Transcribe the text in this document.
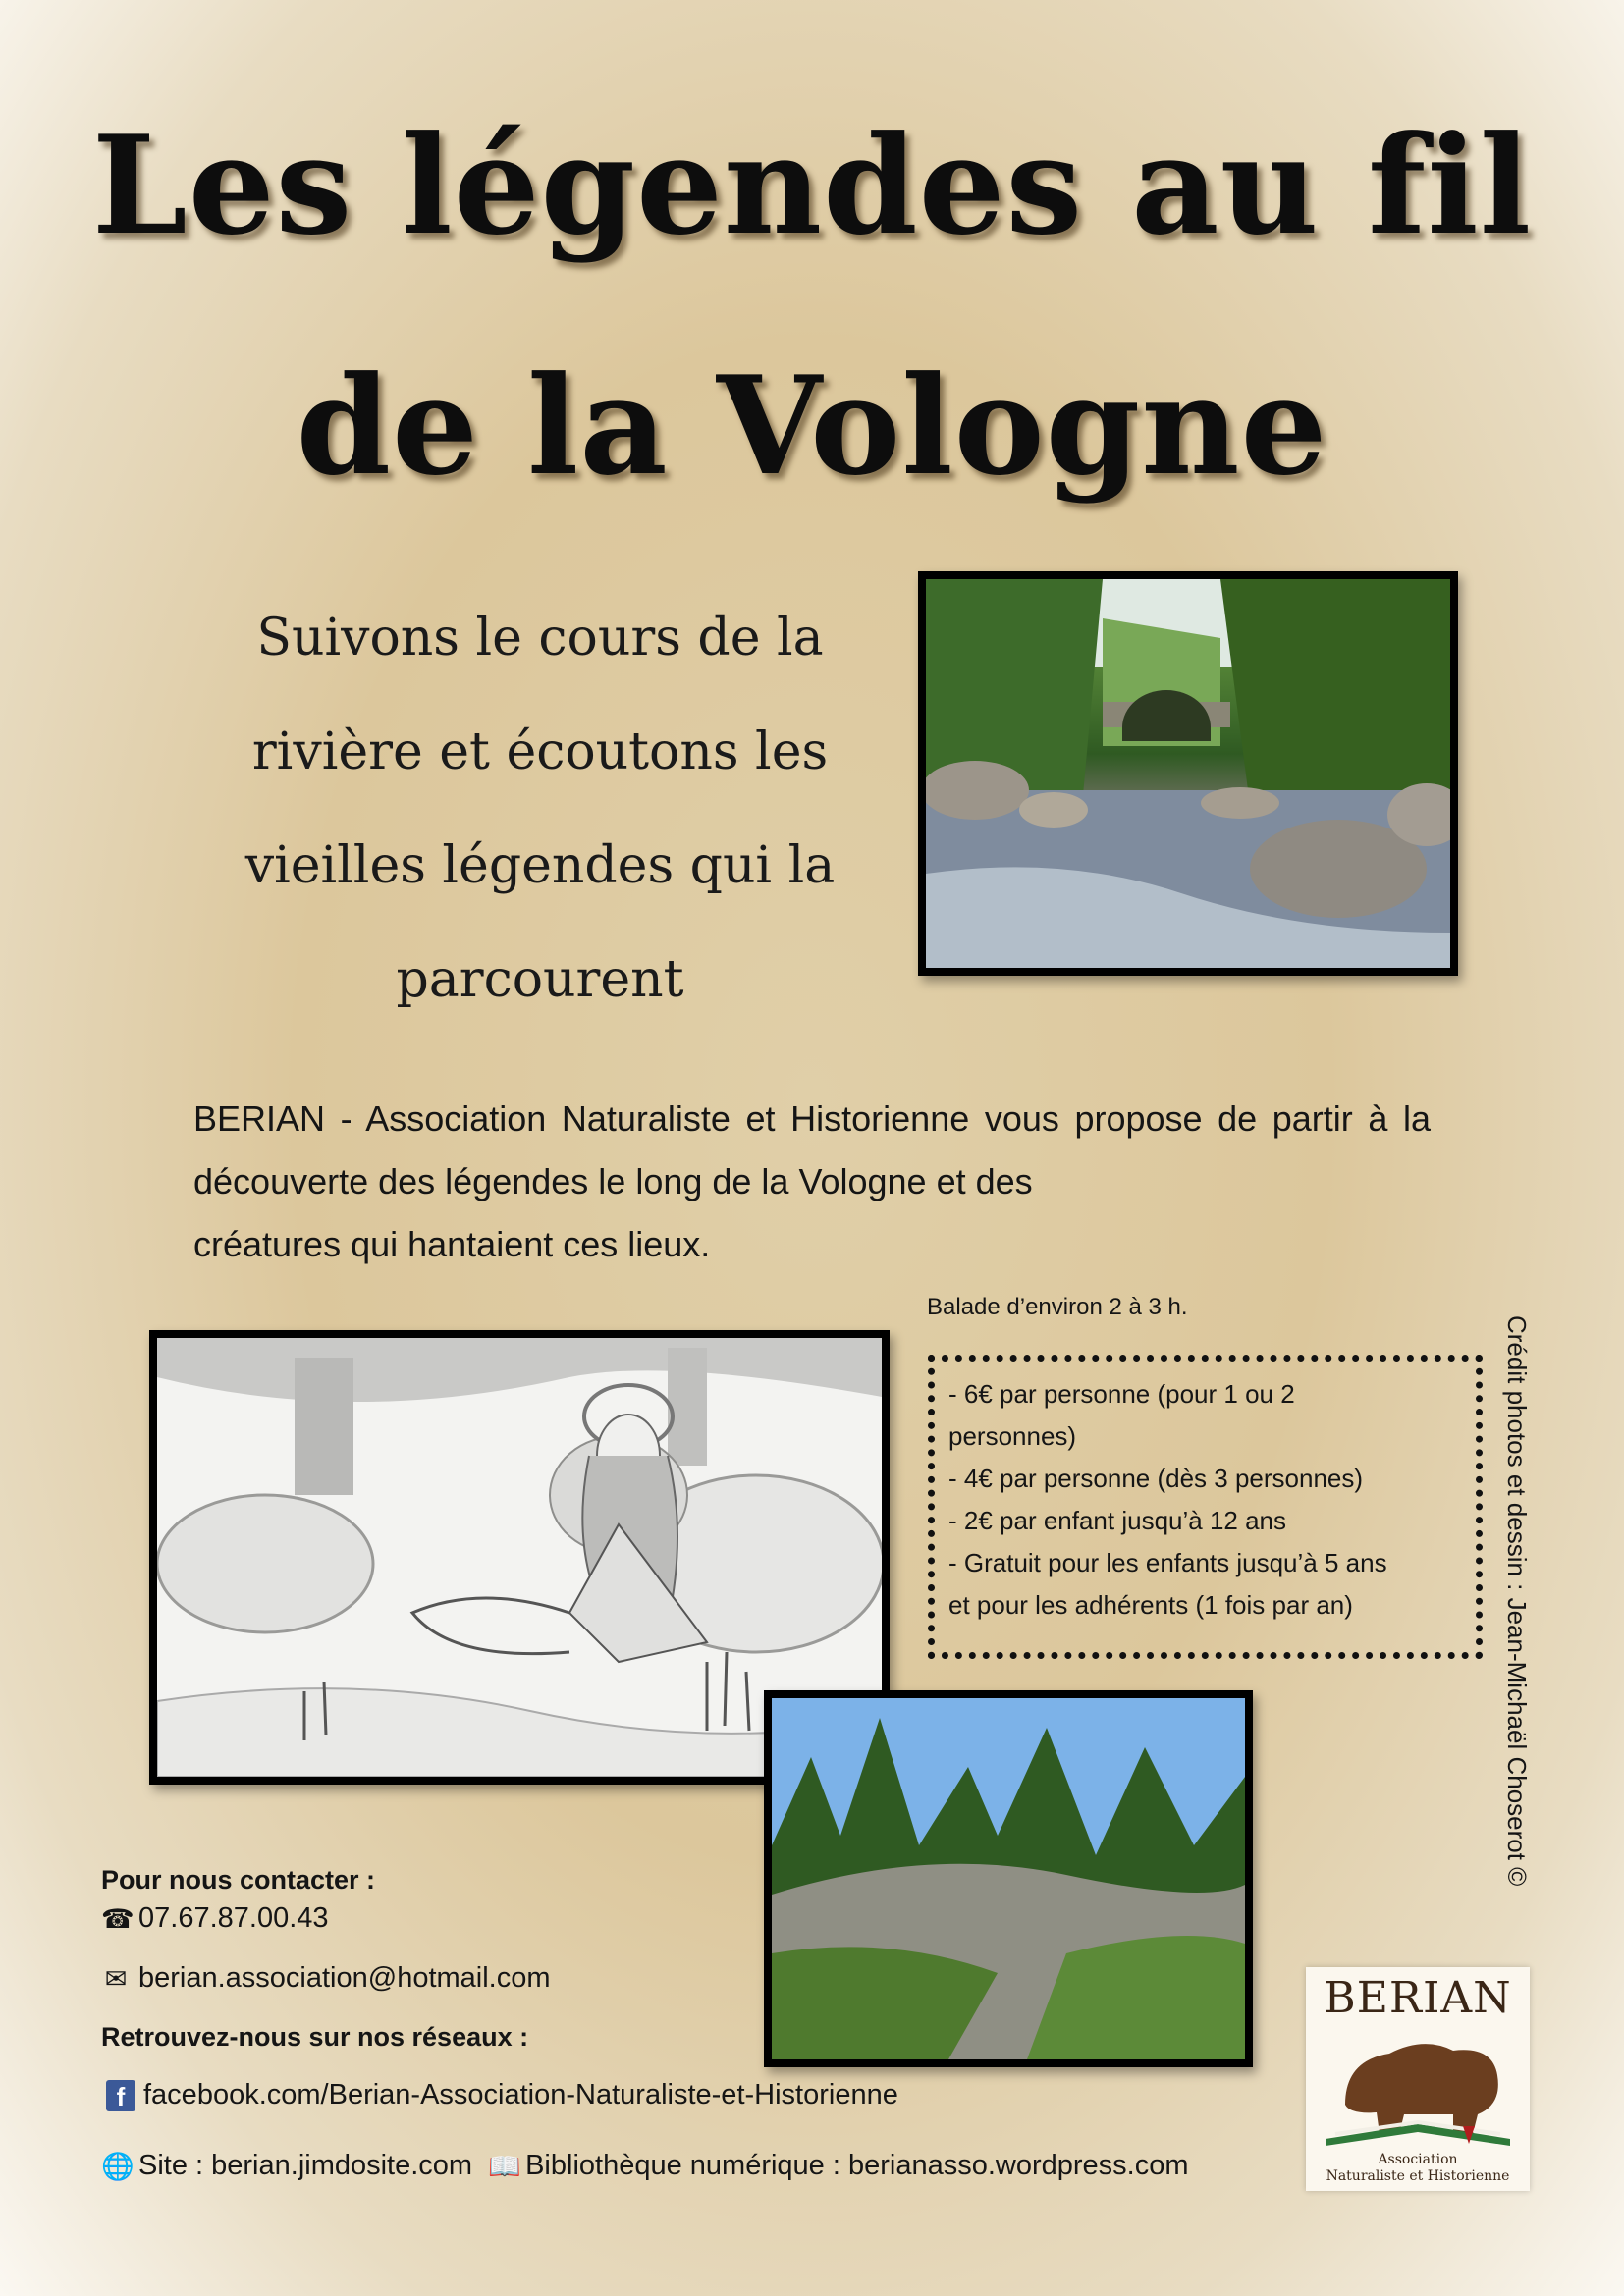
Les légendes au fil
de la Vologne
Suivons le cours de la
rivière et écoutons les
vieilles légendes qui la
parcourent
BERIAN - Association Naturaliste et Historienne vous propose de partir à la découverte des légendes le long de la Vologne et des
créatures qui hantaient ces lieux.
Balade d’environ 2 à 3 h.
- 6€ par personne (pour 1 ou 2
personnes)
- 4€ par personne (dès 3 personnes)
- 2€ par enfant jusqu’à 12 ans
- Gratuit pour les enfants jusqu’à 5 ans
et pour les adhérents (1 fois par an)	Crédit photos et dessin : Jean-Michaël Choserot ©
Pour nous contacter :
☎ 07.67.87.00.43
✉ berian.association@hotmail.com
Retrouvez-nous sur nos réseaux :
f facebook.com/Berian-Association-Naturaliste-et-Historienne
🌐 Site : berian.jimdosite.com 📖 Bibliothèque numérique : berianasso.wordpress.com
BERIAN
Association
Naturaliste et Historienne
